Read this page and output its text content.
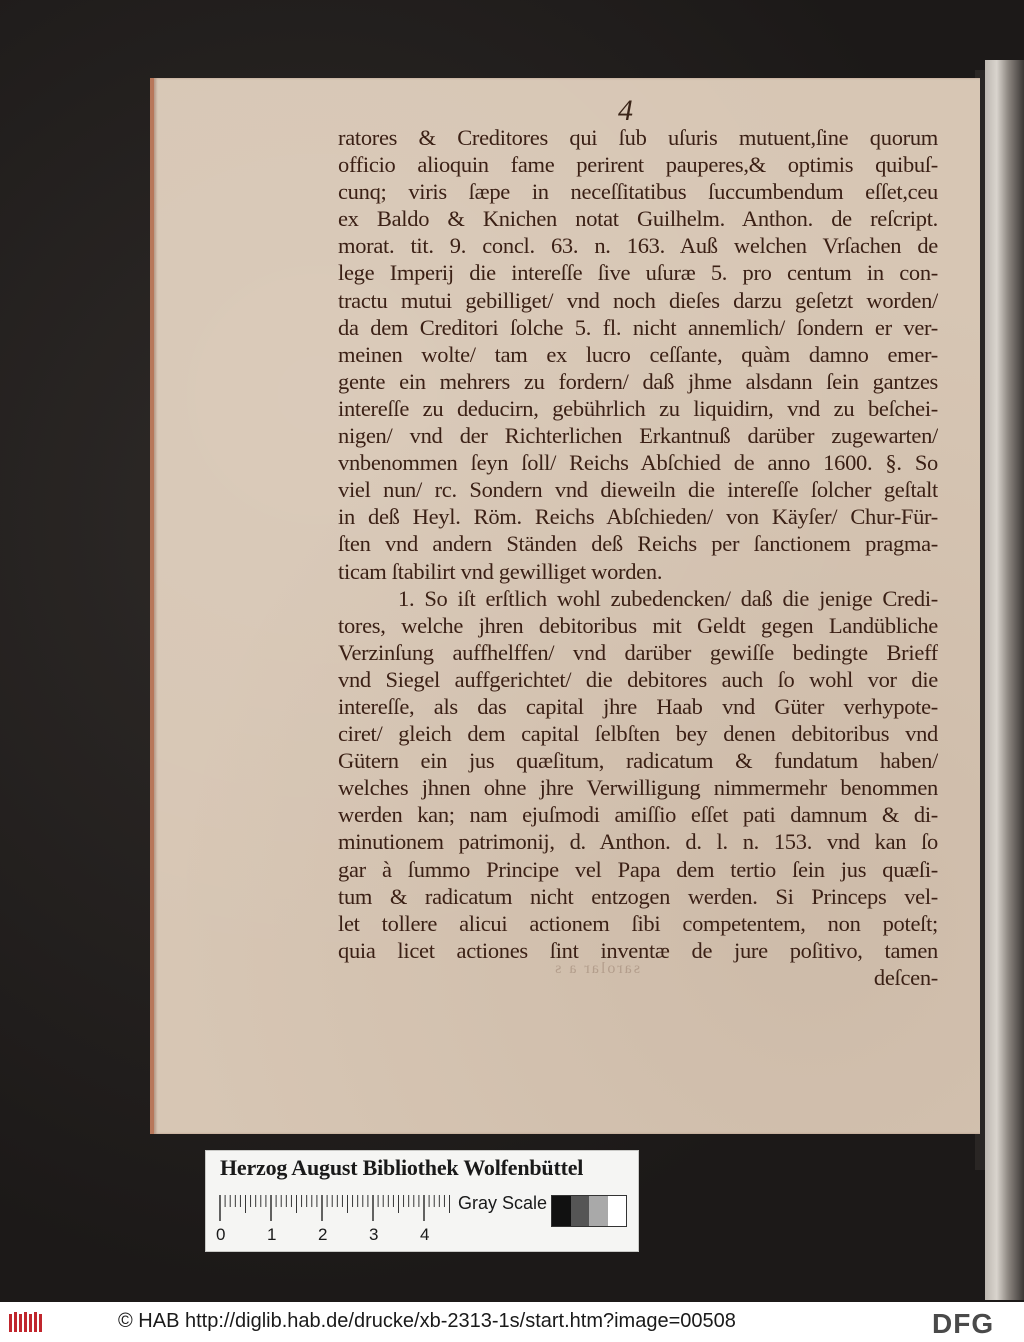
4
ratores & Creditores qui ſub uſuris mutuent,ſine quorum
officio alioquin fame perirent pauperes,& optimis quibuſ-
cunq; viris ſæpe in neceſſitatibus ſuccumbendum eſſet,ceu
ex Baldo & Knichen notat Guilhelm. Anthon. de reſcript.
morat. tit. 9. concl. 63. n. 163. Auß welchen Vrſachen de
lege Imperij die intereſſe ſive uſuræ 5. pro centum in con-
tractu mutui gebilliget/ vnd noch dieſes darzu geſetzt worden/
da dem Creditori ſolche 5. fl. nicht annemlich/ ſondern er ver-
meinen wolte/ tam ex lucro ceſſante, quàm damno emer-
gente ein mehrers zu fordern/ daß jhme alsdann ſein gantzes
intereſſe zu deducirn, gebührlich zu liquidirn, vnd zu beſchei-
nigen/ vnd der Richterlichen Erkantnuß darüber zugewarten/
vnbenommen ſeyn ſoll/ Reichs Abſchied de anno 1600. §. So
viel nun/ rc. Sondern vnd dieweiln die intereſſe ſolcher geſtalt
in deß Heyl. Röm. Reichs Abſchieden/ von Käyſer/ Chur-Für-
ſten vnd andern Ständen deß Reichs per ſanctionem pragma-
ticam ſtabilirt vnd gewilliget worden.
1. So iſt erſtlich wohl zubedencken/ daß die jenige Credi-
tores, welche jhren debitoribus mit Geldt gegen Landübliche
Verzinſung auffhelffen/ vnd darüber gewiſſe bedingte Brieff
vnd Siegel auffgerichtet/ die debitores auch ſo wohl vor die
intereſſe, als das capital jhre Haab vnd Güter verhypote-
ciret/ gleich dem capital ſelbſten bey denen debitoribus vnd
Gütern ein jus quæſitum, radicatum & fundatum haben/
welches jhnen ohne jhre Verwilligung nimmermehr benommen
werden kan; nam ejuſmodi amiſſio eſſet pati damnum & di-
minutionem patrimonij, d. Anthon. d. l. n. 153. vnd kan ſo
gar à ſummo Principe vel Papa dem tertio ſein jus quæſi-
tum & radicatum nicht entzogen werden. Si Princeps vel-
let tollere alicui actionem ſibi competentem, non poteſt;
quia licet actiones ſint inventæ de jure poſitivo, tamen
deſcen-
sarolar a s
Herzog August Bibliothek Wolfenbüttel
0 1 2 3 4
Gray Scale
© HAB http://diglib.hab.de/drucke/xb-2313-1s/start.htm?image=00508	DFG
